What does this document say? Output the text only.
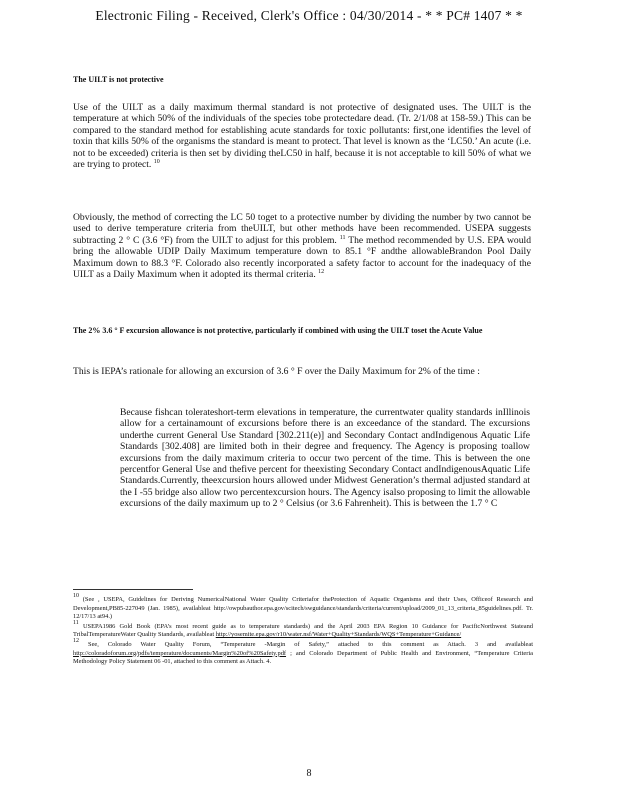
Electronic Filing - Received, Clerk's Office : 04/30/2014 - * * PC# 1407 * *
The UILT is not protective
Use of the UILT as a daily maximum thermal standard is not protective of designated uses. The UILT is the temperature at which 50% of the individuals of the species tobe protectedare dead. (Tr. 2/1/08 at 158-59.) This can be compared to the standard method for establishing acute standards for toxic pollutants: first,one identifies the level of toxin that kills 50% of the organisms the standard is meant to protect. That level is known as the ‘LC50.’ An acute (i.e. not to be exceeded) criteria is then set by dividing theLC50 in half, because it is not acceptable to kill 50% of what we are trying to protect. $^{10}$
Obviously, the method of correcting the LC 50 toget to a protective number by dividing the number by two cannot be used to derive temperature criteria from theUILT, but other methods have been recommended. USEPA suggests subtracting 2 ° C (3.6 °F) from the UILT to adjust for this problem. $^{11}$ The method recommended by U.S. EPA would bring the allowable UDIP Daily Maximum temperature down to 85.1 °F andthe allowableBrandon Pool Daily Maximum down to 88.3 °F. Colorado also recently incorporated a safety factor to account for the inadequacy of the UILT as a Daily Maximum when it adopted its thermal criteria. $^{12}$
The 2% 3.6 ° F excursion allowance is not protective, particularly if combined with using the UILT toset the Acute Value
This is IEPA’s rationale for allowing an excursion of 3.6 ° F over the Daily Maximum for 2% of the time :
Because fishcan tolerateshort-term elevations in temperature, the currentwater quality standards inIllinois allow for a certainamount of excursions before there is an exceedance of the standard. The excursions underthe current General Use Standard [302.211(e)] and Secondary Contact andIndigenous Aquatic Life Standards [302.408] are limited both in their degree and frequency. The Agency is proposing toallow excursions from the daily maximum criteria to occur two percent of the time. This is between the one percentfor General Use and thefive percent for theexisting Secondary Contact andIndigenousAquatic Life Standards.Currently, theexcursion hours allowed under Midwest Generation’s thermal adjusted standard at the I -55 bridge also allow two percentexcursion hours. The Agency isalso proposing to limit the allowable excursions of the daily maximum up to 2 ° Celsius (or 3.6 Fahrenheit). This is between the 1.7 ° C
$^{10}$ (See , USEPA, Guidelines for Deriving NumericalNational Water Quality Criteriafor theProtection of Aquatic Organisms and their Uses, Officeof Research and Development,PB85-227049 (Jan. 1985), availableat http://owpubauthor.epa.gov/scitech/swguidance/standards/criteria/current/upload/2009_01_13_criteria_85guidelines.pdf. Tr. 12/17/13 at94.)
$^{11}$ USEPA1986 Gold Book (EPA’s most recent guide as to temperature standards) and the April 2003 EPA Region 10 Guidance for PacificNorthwest Stateand TribalTemperatureWater Quality Standards, availableat http://yosemite.epa.gov/r10/water.nsf/Water+Quality+Standards/WQS+Temperature+Guidance/
$^{12}$ See, Colorado Water Quality Forum, “Temperature -Margin of Safety,” attached to this comment as Attach. 3 and availableat http://coloradoforum.org/pdfs/temperature/documents/Margin%20of%20Safety.pdf ; and Colorado Department of Public Health and Environment, “Temperature Criteria Methodology Policy Statement 06 -01, attached to this comment as Attach. 4.
8
